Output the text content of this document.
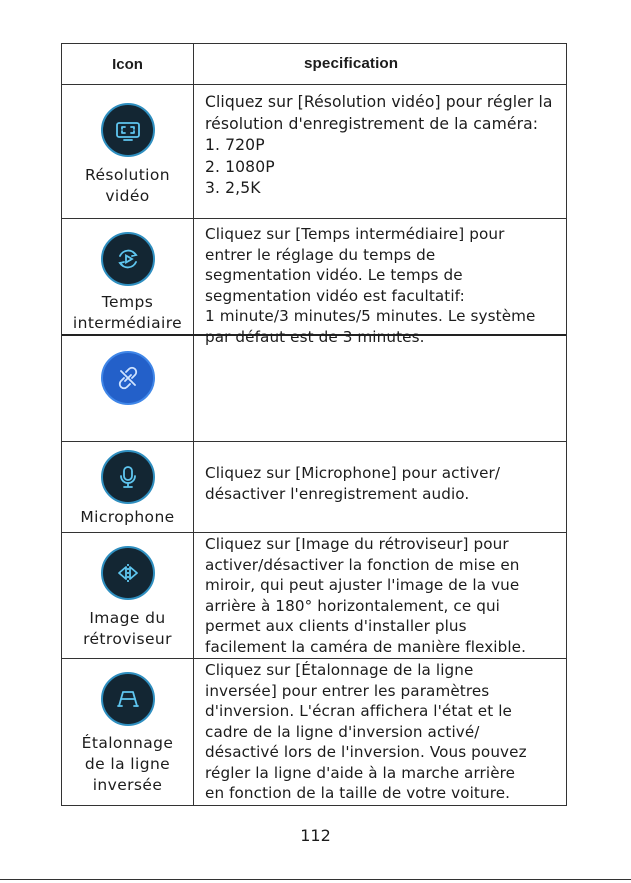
Icon	specification
Résolution
vidéo
Cliquez sur [Résolution vidéo] pour régler la
résolution d'enregistrement de la caméra:
1. 720P
2. 1080P
3. 2,5K
Temps
intermédiaire
Cliquez sur [Temps intermédiaire] pour
entrer le réglage du temps de
segmentation vidéo. Le temps de
segmentation vidéo est facultatif:
1 minute/3 minutes/5 minutes. Le système
par défaut est de 3 minutes.
Microphone
Cliquez sur [Microphone] pour activer/
désactiver l'enregistrement audio.
Image du
rétroviseur
Cliquez sur [Image du rétroviseur] pour
activer/désactiver la fonction de mise en
miroir, qui peut ajuster l'image de la vue
arrière à 180° horizontalement, ce qui
permet aux clients d'installer plus
facilement la caméra de manière flexible.
Étalonnage
de la ligne
inversée
Cliquez sur [Étalonnage de la ligne
inversée] pour entrer les paramètres
d'inversion. L'écran affichera l'état et le
cadre de la ligne d'inversion activé/
désactivé lors de l'inversion. Vous pouvez
régler la ligne d'aide à la marche arrière
en fonction de la taille de votre voiture.
112
